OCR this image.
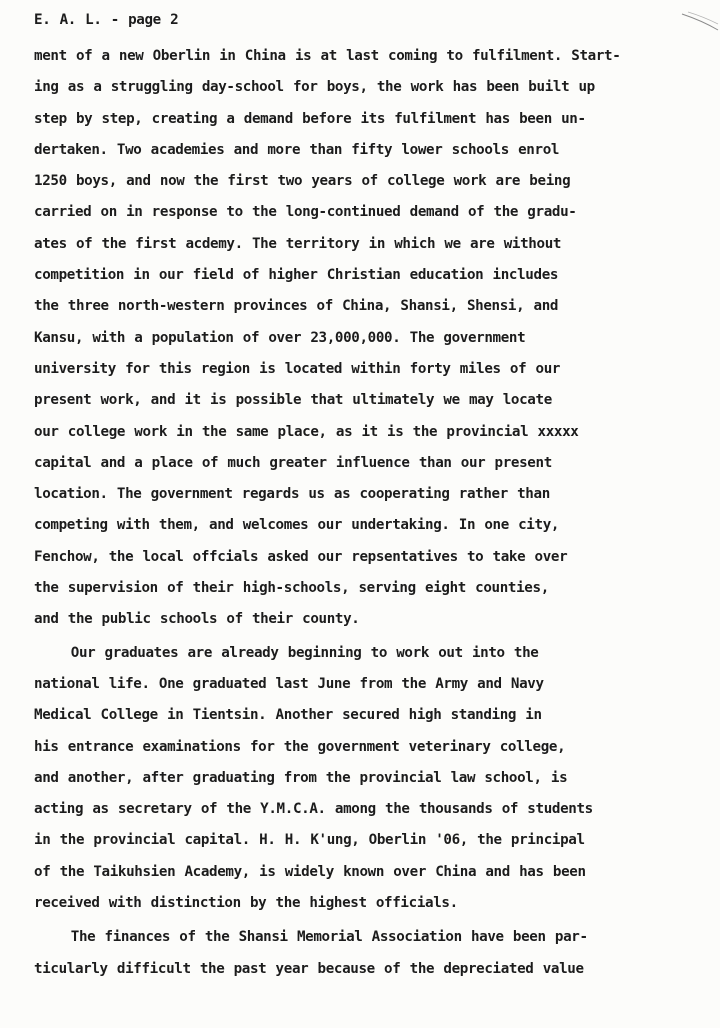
E. A. L. - page 2
ment of a new Oberlin in China is at last coming to fulfilment. Start-
ing as a struggling day-school for boys, the work has been built up
step by step, creating a demand before its fulfilment has been un-
dertaken. Two academies and more than fifty lower schools enrol
1250 boys, and now the first two years of college work are being
carried on in response to the long-continued demand of the gradu-
ates of the first acdemy. The territory in which we are without
competition in our field of higher Christian education includes
the three north-western provinces of China, Shansi, Shensi, and
Kansu, with a population of over 23,000,000. The government
university for this region is located within forty miles of our
present work, and it is possible that ultimately we may locate
our college work in the same place, as it is the provincial xxxxx
capital and a place of much greater influence than our present
location. The government regards us as cooperating rather than
competing with them, and welcomes our undertaking. In one city,
Fenchow, the local offcials asked our repsentatives to take over
the supervision of their high-schools, serving eight counties,
and the public schools of their county.
Our graduates are already beginning to work out into the
national life. One graduated last June from the Army and Navy
Medical College in Tientsin. Another secured high standing in
his entrance examinations for the government veterinary college,
and another, after graduating from the provincial law school, is
acting as secretary of the Y.M.C.A. among the thousands of students
in the provincial capital. H. H. K'ung, Oberlin '06, the principal
of the Taikuhsien Academy, is widely known over China and has been
received with distinction by the highest officials.
The finances of the Shansi Memorial Association have been par-
ticularly difficult the past year because of the depreciated value
